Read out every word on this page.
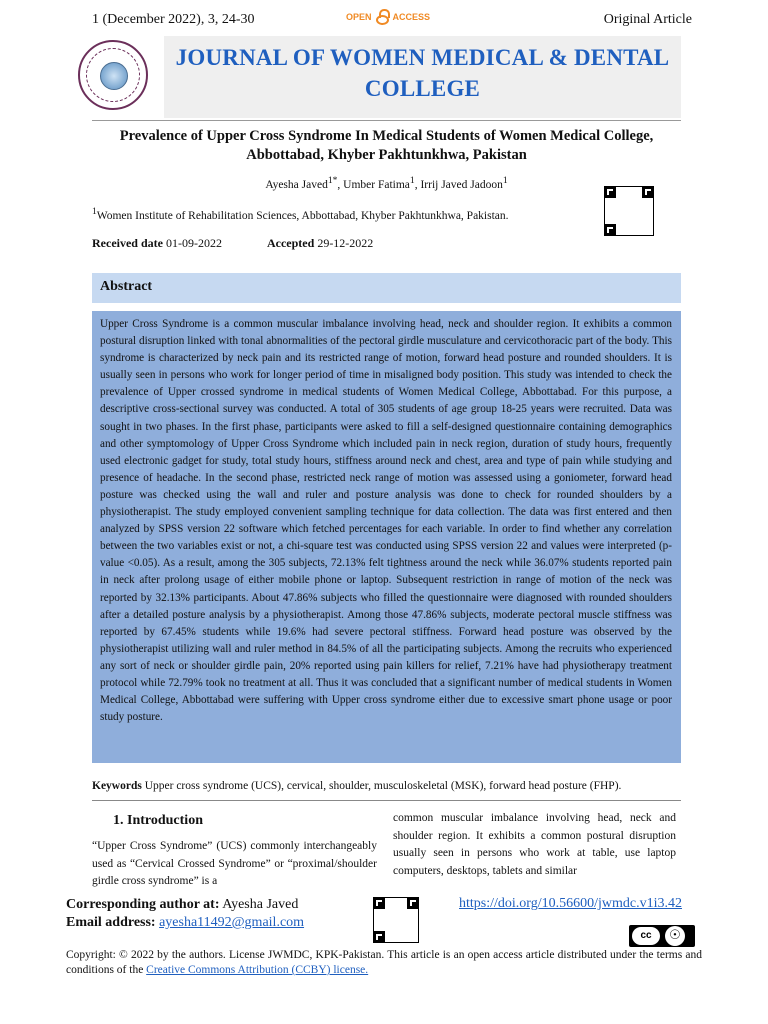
1 (December 2022), 3, 24-30	OPEN ACCESS	Original Article
JOURNAL OF WOMEN MEDICAL & DENTAL
COLLEGE
Prevalence of Upper Cross Syndrome In Medical Students of Women Medical College,
Abbottabad, Khyber Pakhtunkhwa, Pakistan
Ayesha Javed$^{1*}$, Umber Fatima$^1$, Irrij Javed Jadoon$^1$
$^1$Women Institute of Rehabilitation Sciences, Abbottabad, Khyber Pakhtunkhwa, Pakistan.
Received date 01-09-2022	Accepted 29-12-2022
Abstract
Upper Cross Syndrome is a common muscular imbalance involving head, neck and shoulder region. It exhibits a common postural disruption linked with tonal abnormalities of the pectoral girdle musculature and cervicothoracic part of the body. This syndrome is characterized by neck pain and its restricted range of motion, forward head posture and rounded shoulders. It is usually seen in persons who work for longer period of time in misaligned body position. This study was intended to check the prevalence of Upper crossed syndrome in medical students of Women Medical College, Abbottabad. For this purpose, a descriptive cross-sectional survey was conducted. A total of 305 students of age group 18-25 years were recruited. Data was sought in two phases. In the first phase, participants were asked to fill a self-designed questionnaire containing demographics and other symptomology of Upper Cross Syndrome which included pain in neck region, duration of study hours, frequently used electronic gadget for study, total study hours, stiffness around neck and chest, area and type of pain while studying and presence of headache. In the second phase, restricted neck range of motion was assessed using a goniometer, forward head posture was checked using the wall and ruler and posture analysis was done to check for rounded shoulders by a physiotherapist. The study employed convenient sampling technique for data collection. The data was first entered and then analyzed by SPSS version 22 software which fetched percentages for each variable. In order to find whether any correlation between the two variables exist or not, a chi-square test was conducted using SPSS version 22 and values were interpreted (p-value <0.05). As a result, among the 305 subjects, 72.13% felt tightness around the neck while 36.07% students reported pain in neck after prolong usage of either mobile phone or laptop. Subsequent restriction in range of motion of the neck was reported by 32.13% participants. About 47.86% subjects who filled the questionnaire were diagnosed with rounded shoulders after a detailed posture analysis by a physiotherapist. Among those 47.86% subjects, moderate pectoral muscle stiffness was reported by 67.45% students while 19.6% had severe pectoral stiffness. Forward head posture was observed by the physiotherapist utilizing wall and ruler method in 84.5% of all the participating subjects. Among the recruits who experienced any sort of neck or shoulder girdle pain, 20% reported using pain killers for relief, 7.21% have had physiotherapy treatment protocol while 72.79% took no treatment at all. Thus it was concluded that a significant number of medical students in Women Medical College, Abbottabad were suffering with Upper cross syndrome either due to excessive smart phone usage or poor study posture.
Keywords Upper cross syndrome (UCS), cervical, shoulder, musculoskeletal (MSK), forward head posture (FHP).
1. Introduction
“Upper Cross Syndrome” (UCS) commonly interchangeably used as “Cervical Crossed Syndrome” or “proximal/shoulder girdle cross syndrome” is a
common muscular imbalance involving head, neck and shoulder region. It exhibits a common postural disruption usually seen in persons who work at table, use laptop computers, desktops, tablets and similar
Corresponding author at: Ayesha Javed
Email address: ayesha11492@gmail.com
https://doi.org/10.56600/jwmdc.v1i3.42
cc	☉
Copyright: © 2022 by the authors. License JWMDC, KPK-Pakistan. This article is an open access article distributed under the terms and conditions of the Creative Commons Attribution (CCBY) license.
